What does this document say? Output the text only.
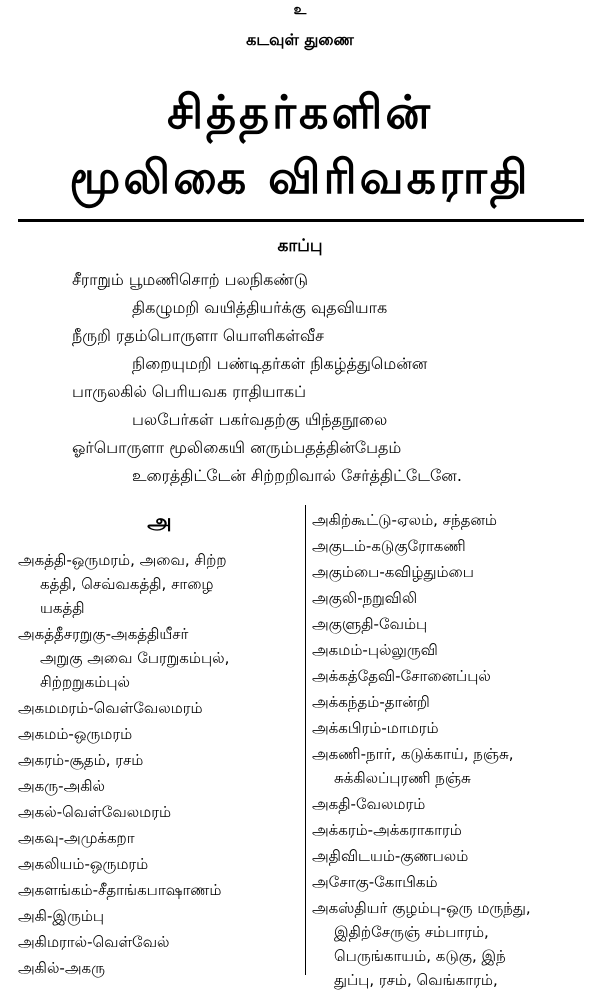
உ
கடவுள் துணை
சித்தர்களின்
மூலிகை விரிவகராதி
காப்பு
சீராறும் பூமணிசொற் பலநிகண்டு
திகழுமறி வயித்தியர்க்கு வுதவியாக
நீருறி ரதம்பொருளா யொளிகள்வீச
நிறையுமறி பண்டிதர்கள் நிகழ்த்துமென்ன
பாருலகில் பெரியவக ராதியாகப்
பலபேர்கள் பகர்வதற்கு யிந்தநூலை
ஓர்பொருளா மூலிகையி னரும்பதத்தின்பேதம்
உரைத்திட்டேன் சிற்றறிவால் சேர்த்திட்டேனே.
அ
அகத்தி-ஒருமரம், அவை, சிற்ற
கத்தி, செவ்வகத்தி, சாழை
யகத்தி
அகத்தீசரறுகு-அகத்தியீசர்
அறுகு அவை பேரறுகம்புல்,
சிற்றறுகம்புல்
அகமமரம்-வெள்வேலமரம்
அகமம்-ஒருமரம்
அகரம்-சூதம், ரசம்
அகரு-அகில்
அகல்-வெள்வேலமரம்
அகவு-அமுக்கறா
அகலியம்-ஒருமரம்
அகளங்கம்-சீதாங்கபாஷாணம்
அகி-இரும்பு
அகிமரால்-வெள்வேல்
அகில்-அகரு
அகிற்கூட்டு-ஏலம், சந்தனம்
அகுடம்-கடுகுரோகணி
அகும்பை-கவிழ்தும்பை
அகுலி-நறுவிலி
அகுளுதி-வேம்பு
அகமம்-புல்லுருவி
அக்கத்தேவி-சோனைப்புல்
அக்கந்தம்-தான்றி
அக்கபிரம்-மாமரம்
அகணி-நார், கடுக்காய், நஞ்சு,
சுக்கிலப்புரணி நஞ்சு
அகதி-வேலமரம்
அக்கரம்-அக்கராகாரம்
அதிவிடயம்-குணபலம்
அசோகு-கோபிகம்
அகஸ்தியர் குழம்பு-ஒரு மருந்து,
இதிற்சேருஞ் சம்பாரம்,
பெருங்காயம், கடுகு, இந்
துப்பு, ரசம், வெங்காரம்,
